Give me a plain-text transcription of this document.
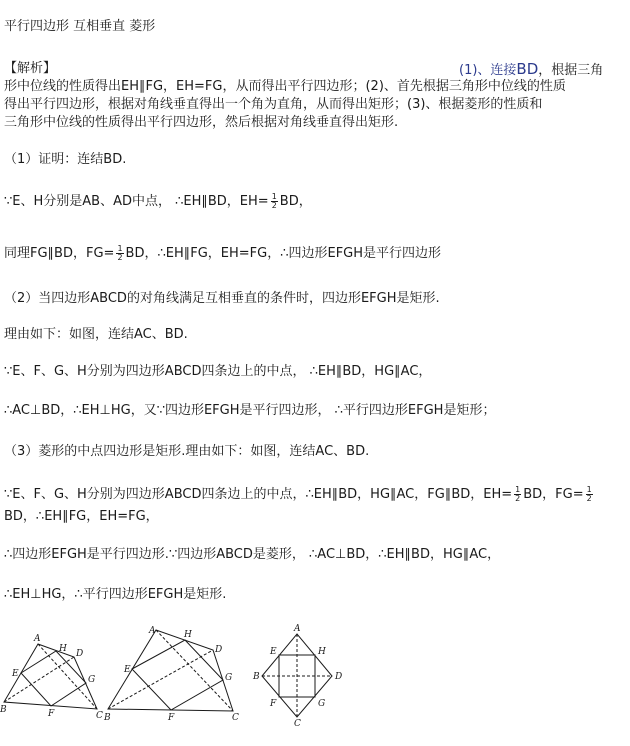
平行四边形 互相垂直 菱形
【解析】	(1)、连接BD，根据三角
形中位线的性质得出EH∥FG，EH=FG，从而得出平行四边形；(2)、首先根据三角形中位线的性质
得出平行四边形，根据对角线垂直得出一个角为直角，从而得出矩形；(3)、根据菱形的性质和
三角形中位线的性质得出平行四边形，然后根据对角线垂直得出矩形.
（1）证明：连结BD.
∵E、H分别是AB、AD中点， ∴EH∥BD，$EH= \frac{1}{2}$ BD，
同理FG∥BD，$FG= \frac{1}{2}$ BD，∴EH∥FG，EH=FG，∴四边形EFGH是平行四边形
（2）当四边形ABCD的对角线满足互相垂直的条件时，四边形EFGH是矩形.
理由如下：如图，连结AC、BD.
∵E、F、G、H分别为四边形ABCD四条边上的中点， ∴EH∥BD，HG∥AC，
∴AC⊥BD，∴EH⊥HG，又∵四边形EFGH是平行四边形， ∴平行四边形EFGH是矩形；
（3）菱形的中点四边形是矩形.理由如下：如图，连结AC、BD.
∵E、F、G、H分别为四边形ABCD四条边上的中点，∴EH∥BD，HG∥AC，FG∥BD，$EH= \frac{1}{2}$ BD，$FG= \frac{1}{2}$
BD，∴EH∥FG，EH=FG，
∴四边形EFGH是平行四边形.∵四边形ABCD是菱形， ∴AC⊥BD，∴EH∥BD，HG∥AC，
∴EH⊥HG，∴平行四边形EFGH是矩形.
A
B
C
D
E
F
G
H
A
B	C
D
E
F
G
H
A
B
C
D
E
F	G
H
